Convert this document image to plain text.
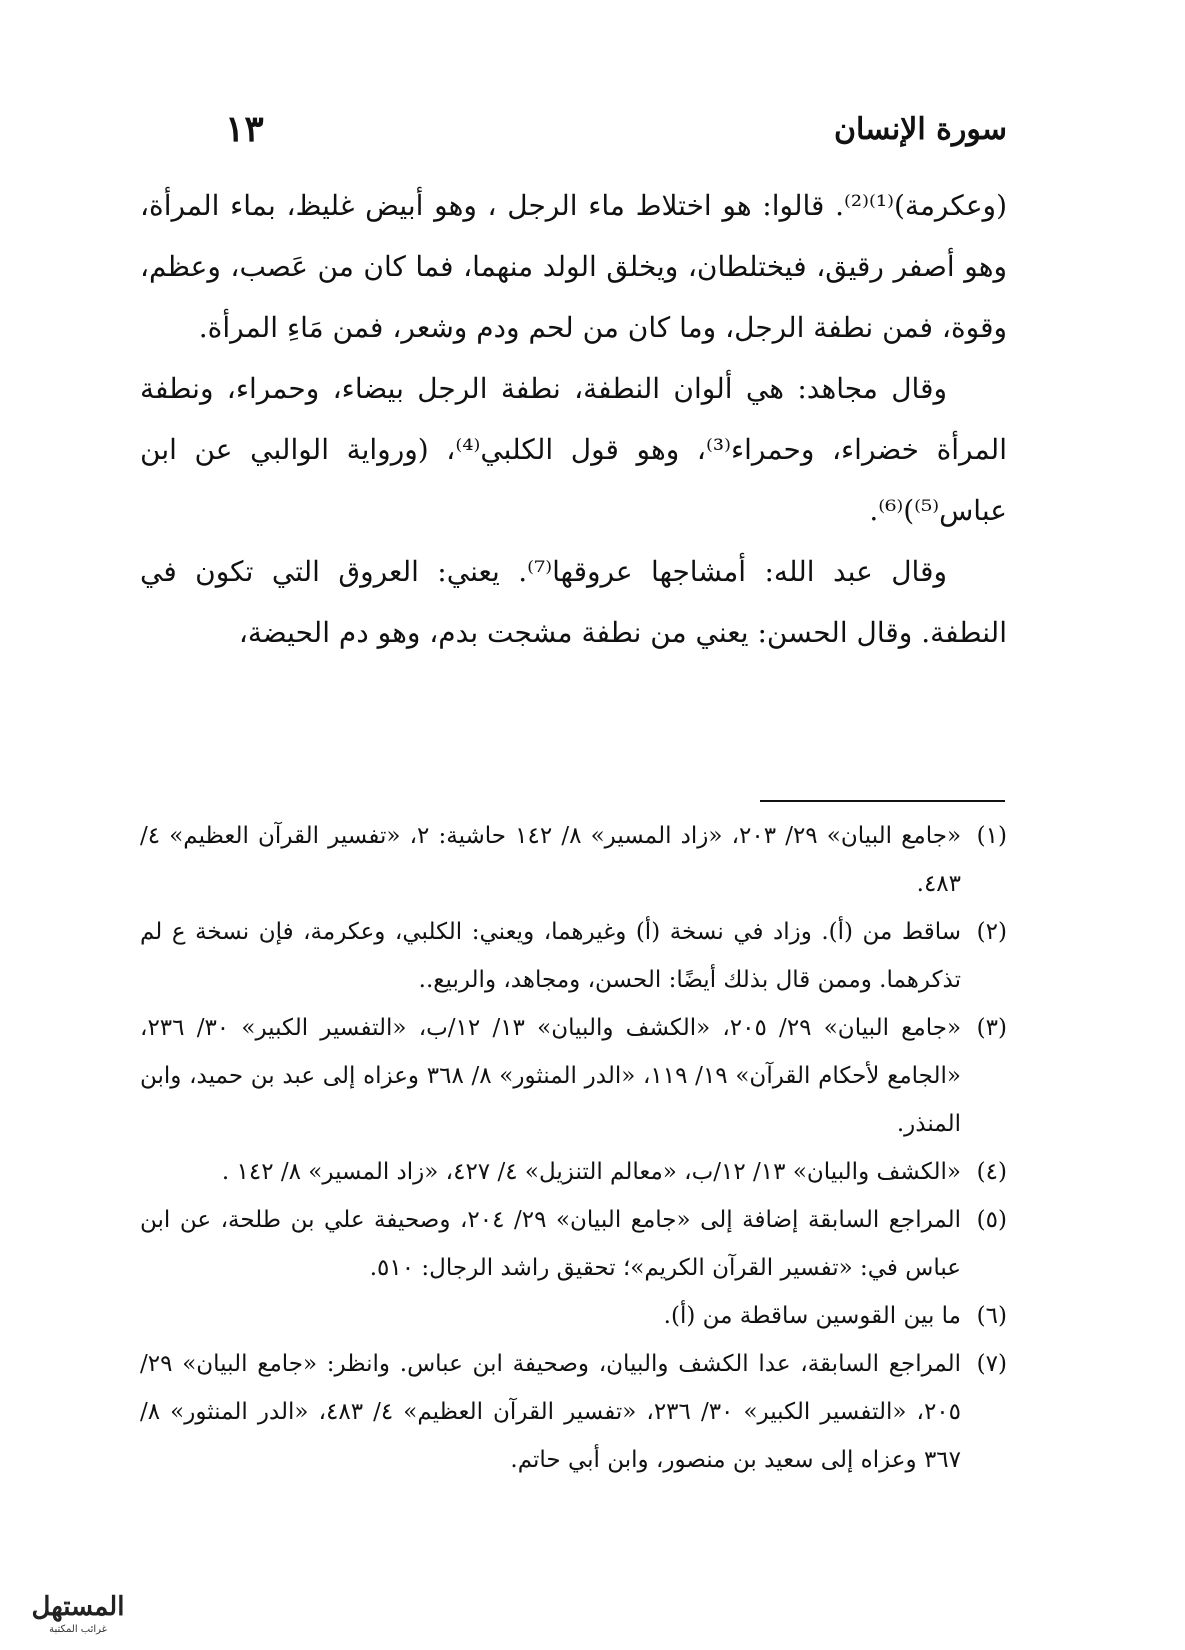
سورة الإنسان
١٣

(وعكرمة)⁽¹⁾⁽²⁾. قالوا: هو اختلاط ماء الرجل ، وهو أبيض غليظ، بماء المرأة، وهو أصفر رقيق، فيختلطان، ويخلق الولد منهما، فما كان من عَصب، وعظم، وقوة، فمن نطفة الرجل، وما كان من لحم ودم وشعر، فمن مَاءِ المرأة.

وقال مجاهد: هي ألوان النطفة، نطفة الرجل بيضاء، وحمراء، ونطفة المرأة خضراء، وحمراء⁽³⁾، وهو قول الكلبي⁽⁴⁾، (ورواية الوالبي عن ابن عباس⁽⁵⁾)⁽⁶⁾.

وقال عبد الله: أمشاجها عروقها⁽⁷⁾. يعني: العروق التي تكون في النطفة. وقال الحسن: يعني من نطفة مشجت بدم، وهو دم الحيضة،

(١)
«جامع البيان» ٢٩/ ٢٠٣، «زاد المسير» ٨/ ١٤٢ حاشية: ٢، «تفسير القرآن العظيم» ٤/ ٤٨٣.
(٢)
ساقط من (أ). وزاد في نسخة (أ) وغيرهما، ويعني: الكلبي، وعكرمة، فإن نسخة ع لم تذكرهما. وممن قال بذلك أيضًا: الحسن، ومجاهد، والربيع..
(٣)
«جامع البيان» ٢٩/ ٢٠٥، «الكشف والبيان» ١٣/ ١٢/ب، «التفسير الكبير» ٣٠/ ٢٣٦، «الجامع لأحكام القرآن» ١٩/ ١١٩، «الدر المنثور» ٨/ ٣٦٨ وعزاه إلى عبد بن حميد، وابن المنذر.
(٤)
«الكشف والبيان» ١٣/ ١٢/ب، «معالم التنزيل» ٤/ ٤٢٧، «زاد المسير» ٨/ ١٤٢ .
(٥)
المراجع السابقة إضافة إلى «جامع البيان» ٢٩/ ٢٠٤، وصحيفة علي بن طلحة، عن ابن عباس في: «تفسير القرآن الكريم»؛ تحقيق راشد الرجال: ٥١٠.
(٦)
ما بين القوسين ساقطة من (أ).
(٧)
المراجع السابقة، عدا الكشف والبيان، وصحيفة ابن عباس. وانظر: «جامع البيان» ٢٩/ ٢٠٥، «التفسير الكبير» ٣٠/ ٢٣٦، «تفسير القرآن العظيم» ٤/ ٤٨٣، «الدر المنثور» ٨/ ٣٦٧ وعزاه إلى سعيد بن منصور، وابن أبي حاتم.
المستهل
غرائب المكتبة
